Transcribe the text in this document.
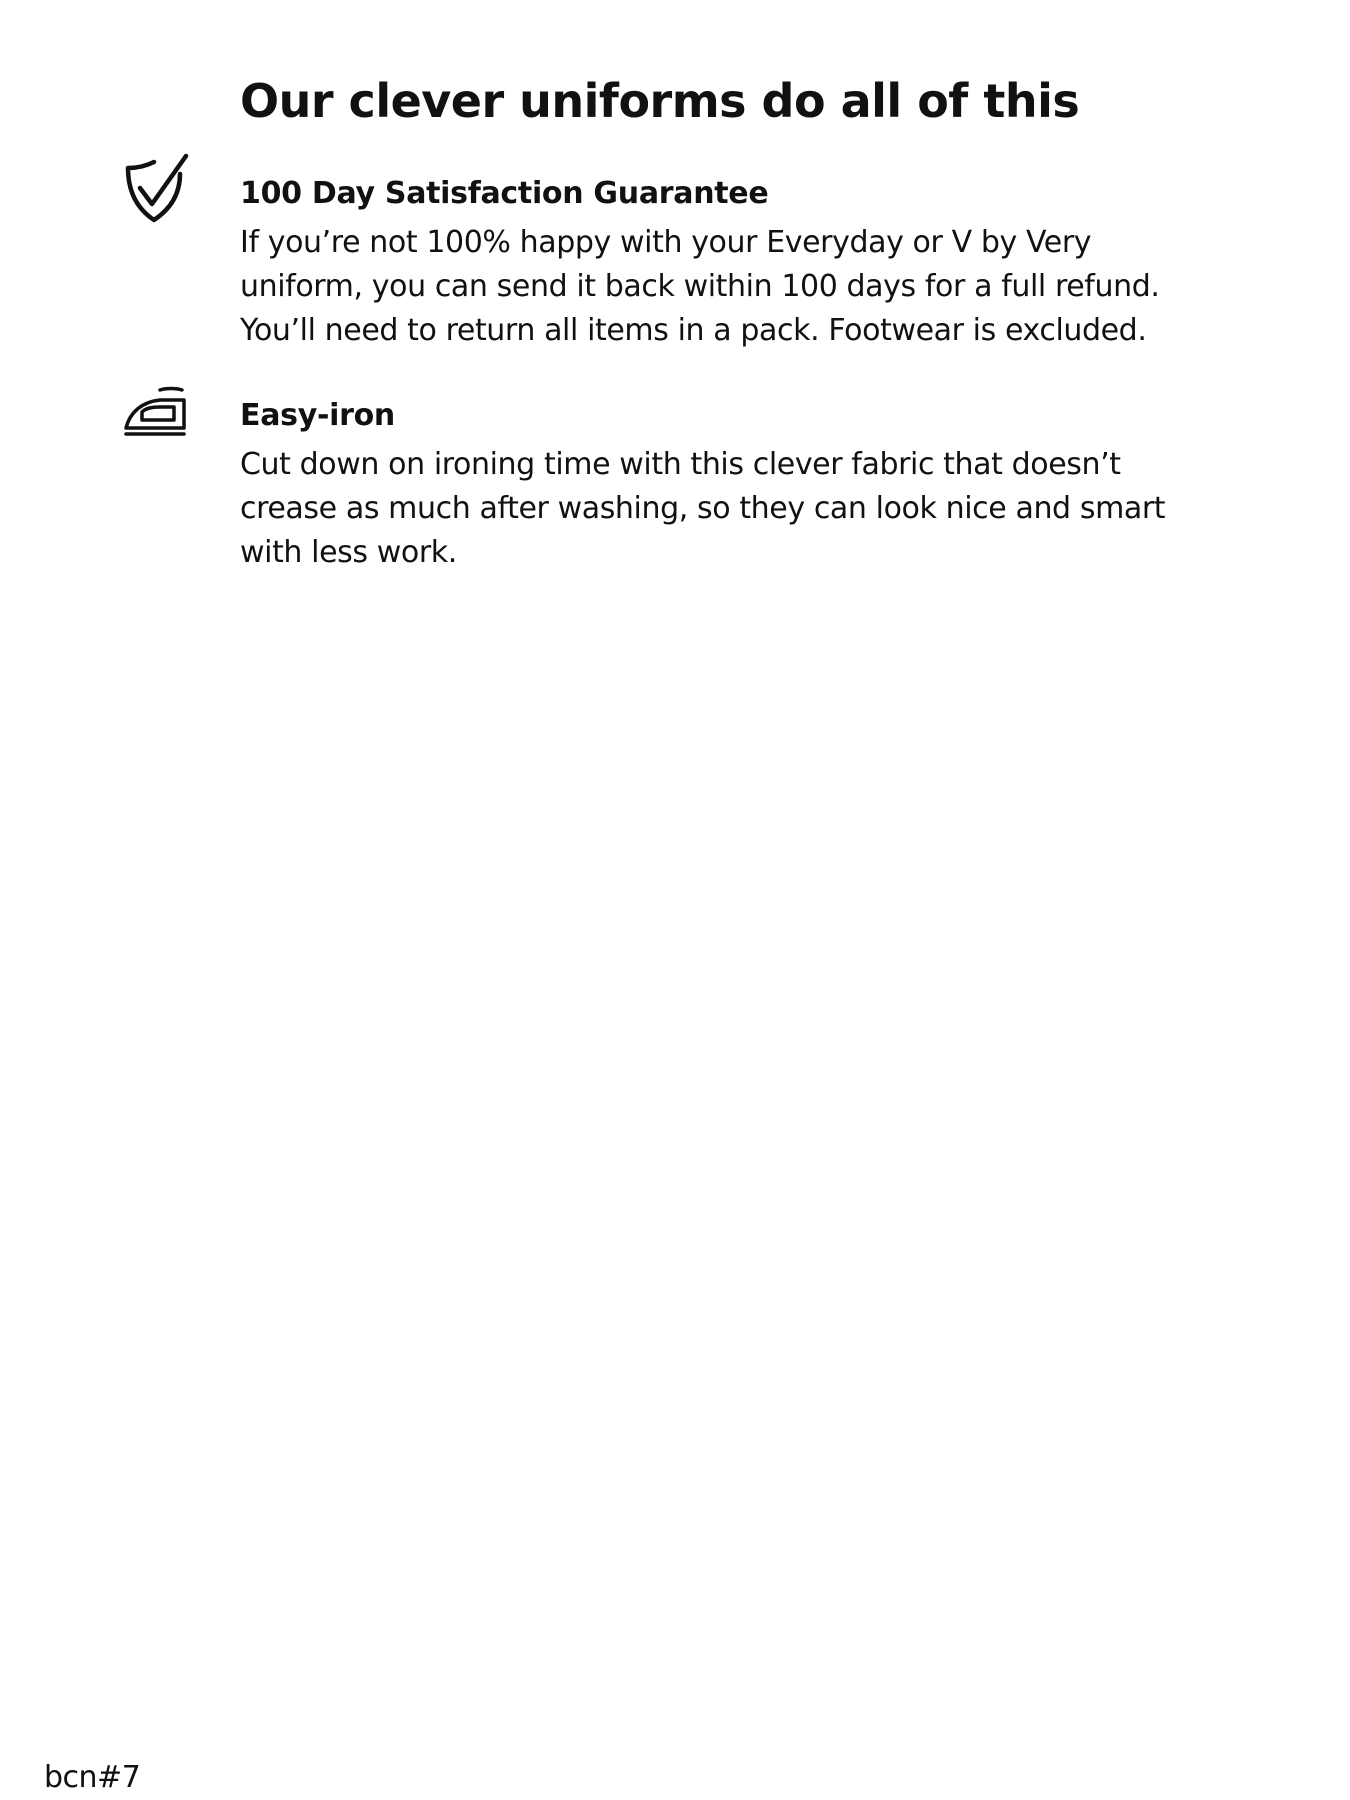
Our clever uniforms do all of this
100 Day Satisfaction Guarantee

If you’re not 100% happy with your Everyday or V by Very uniform, you can send it back within 100 days for a full refund. You’ll need to return all items in a pack. Footwear is excluded.

Easy-iron

Cut down on ironing time with this clever fabric that doesn’t crease as much after washing, so they can look nice and smart with less work.

bcn#7
